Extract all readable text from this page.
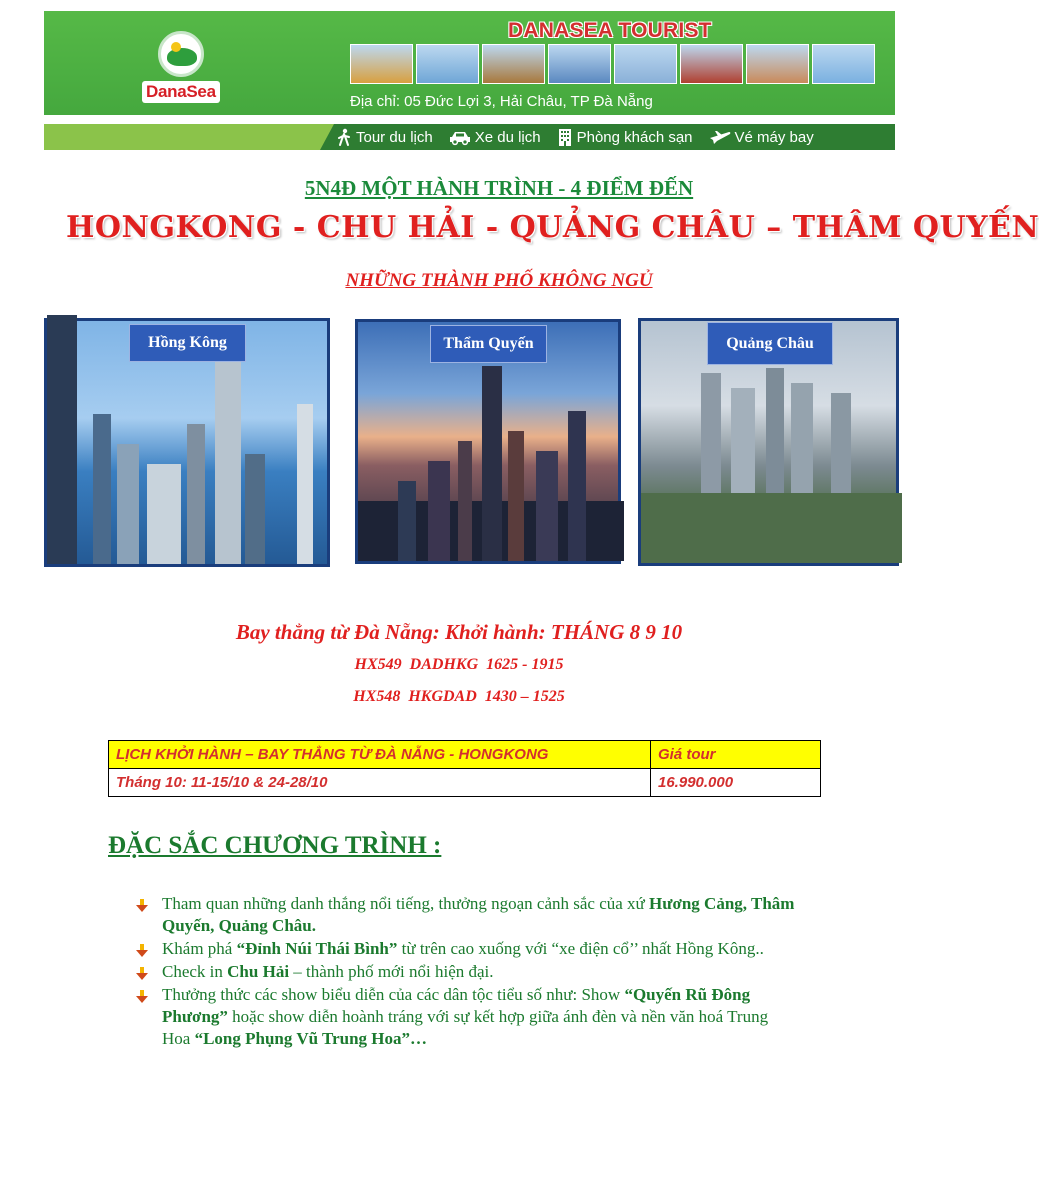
DanaSea
DANASEA TOURIST
Địa chỉ: 05 Đức Lợi 3, Hải Châu, TP Đà Nẵng
Tour du lịch	Xe du lịch Phòng khách sạn	Vé máy bay
5N4Đ MỘT HÀNH TRÌNH - 4 ĐIỂM ĐẾN
HONGKONG - CHU HẢI - QUẢNG CHÂU – THÂM QUYẾN
NHỮNG THÀNH PHỐ KHÔNG NGỦ
Hồng Kông	Thẩm Quyến	Quảng Châu
Bay thẳng từ Đà Nẵng: Khởi hành: THÁNG 8 9 10
HX549  DADHKG  1625 - 1915
HX548  HKGDAD  1430 – 1525
LỊCH KHỞI HÀNH – BAY THẲNG TỪ ĐÀ NẴNG - HONGKONG	Giá tour
Tháng 10: 11-15/10 & 24-28/10	16.990.000
ĐẶC SẮC CHƯƠNG TRÌNH :
Tham quan những danh thắng nổi tiếng, thưởng ngoạn cảnh sắc của xứ Hương Cảng, Thâm Quyến, Quảng Châu.
Khám phá “Đỉnh Núi Thái Bình” từ trên cao xuống với “xe điện cổ’’ nhất Hồng Kông..
Check in Chu Hải – thành phố mới nổi hiện đại.
Thưởng thức các show biểu diễn của các dân tộc tiểu số như: Show “Quyến Rũ Đông Phương” hoặc show diễn hoành tráng với sự kết hợp giữa ánh đèn và nền văn hoá Trung Hoa “Long Phụng Vũ Trung Hoa”…
